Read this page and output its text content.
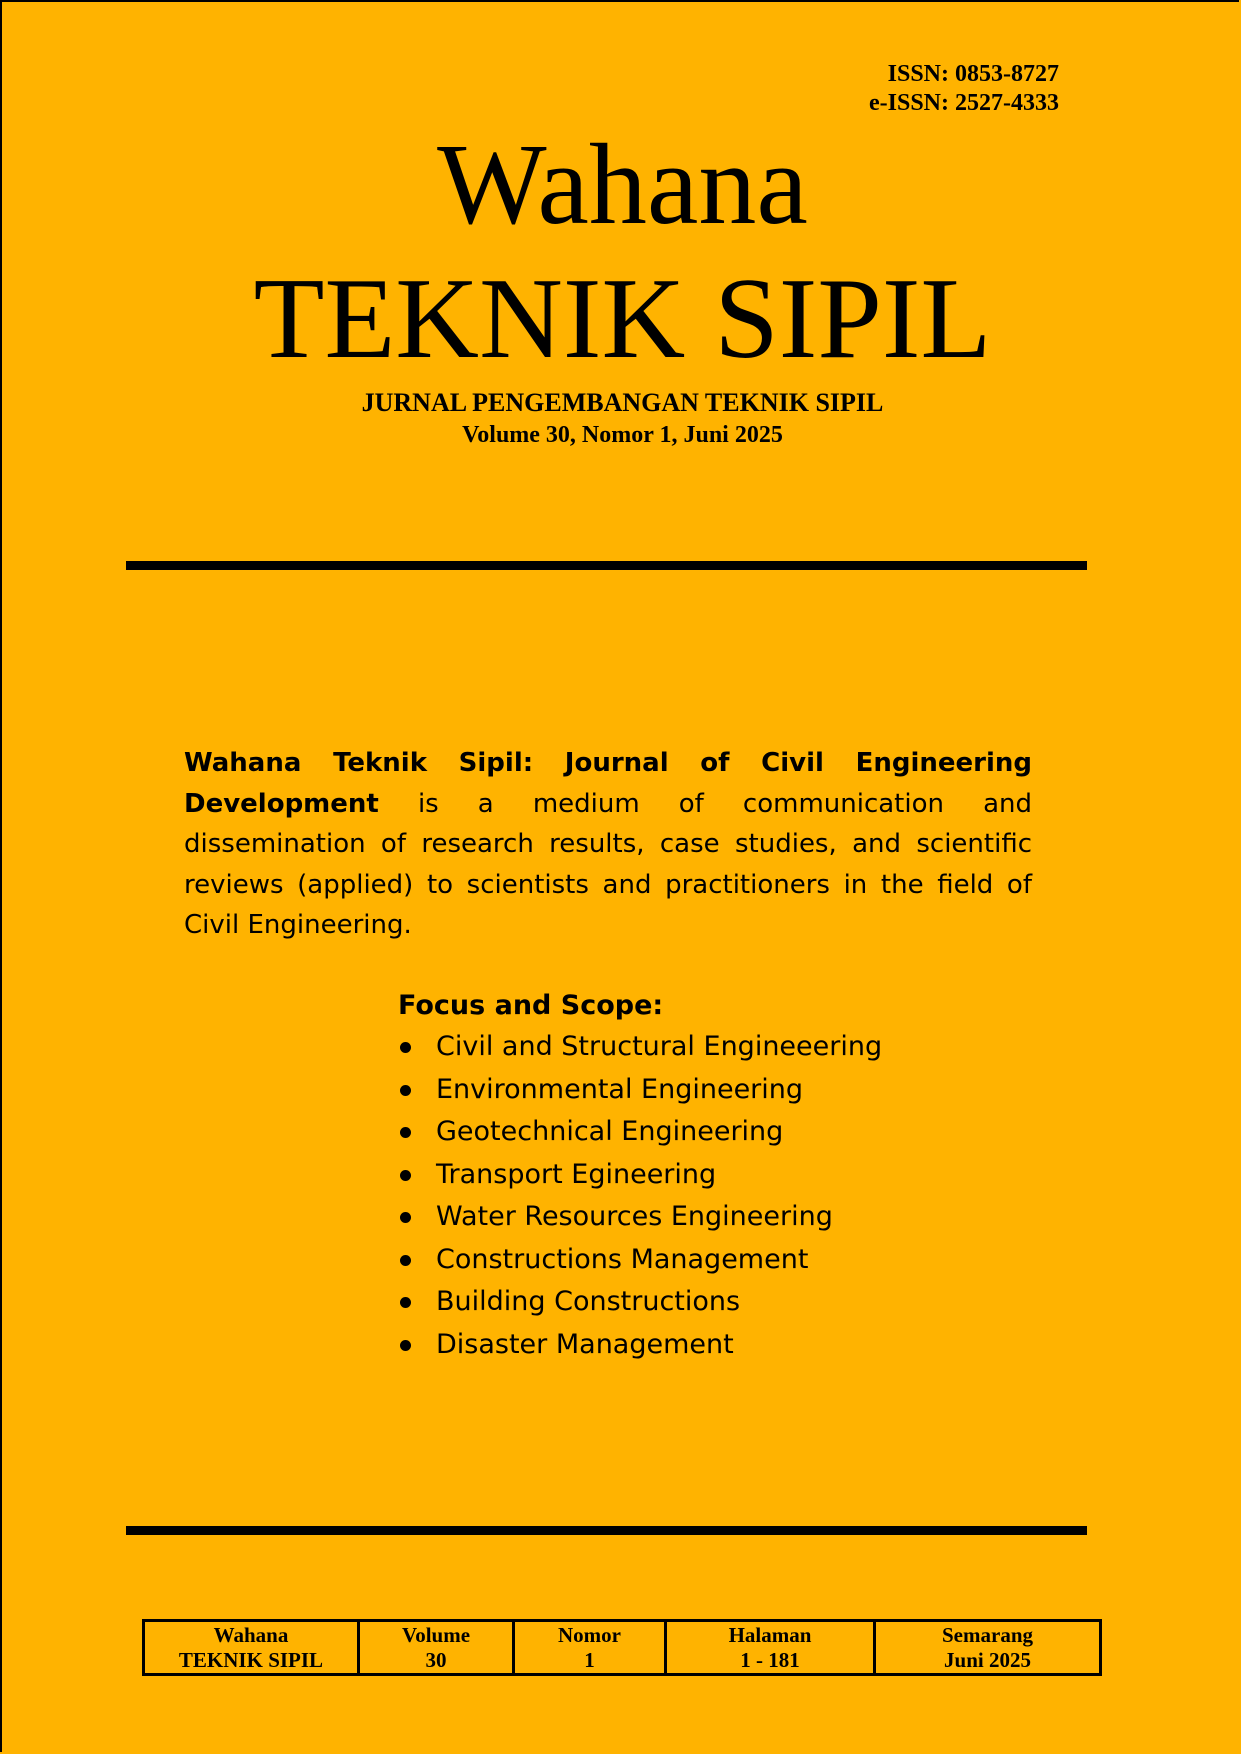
ISSN: 0853-8727
e-ISSN: 2527-4333
Wahana
TEKNIK SIPIL
JURNAL PENGEMBANGAN TEKNIK SIPIL
Volume 30, Nomor 1, Juni 2025
Wahana Teknik Sipil: Journal of Civil Engineering Development is a medium of communication and dissemination of research results, case studies, and scientific reviews (applied) to scientists and practitioners in the field of Civil Engineering.
Focus and Scope:
Civil and Structural Engineeering
Environmental Engineering
Geotechnical Engineering
Transport Egineering
Water Resources Engineering
Constructions Management
Building Constructions
Disaster Management
Wahana
TEKNIK SIPIL

Volume
30

Nomor
1

Halaman
1 - 181

Semarang
Juni 2025
